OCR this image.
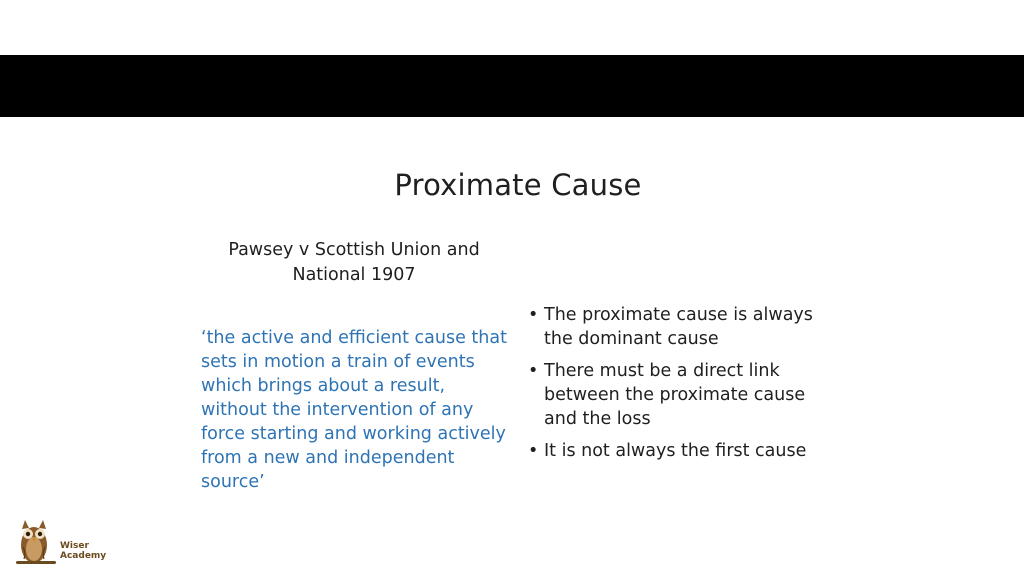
Proximate Cause
Pawsey v Scottish Union and
National 1907
‘the active and efficient cause that
sets in motion a train of events
which brings about a result,
without the intervention of any
force starting and working actively
from a new and independent
source’
• The proximate cause is always
the dominant cause
• There must be a direct link
between the proximate cause
and the loss
• It is not always the first cause
Wiser
Academy
